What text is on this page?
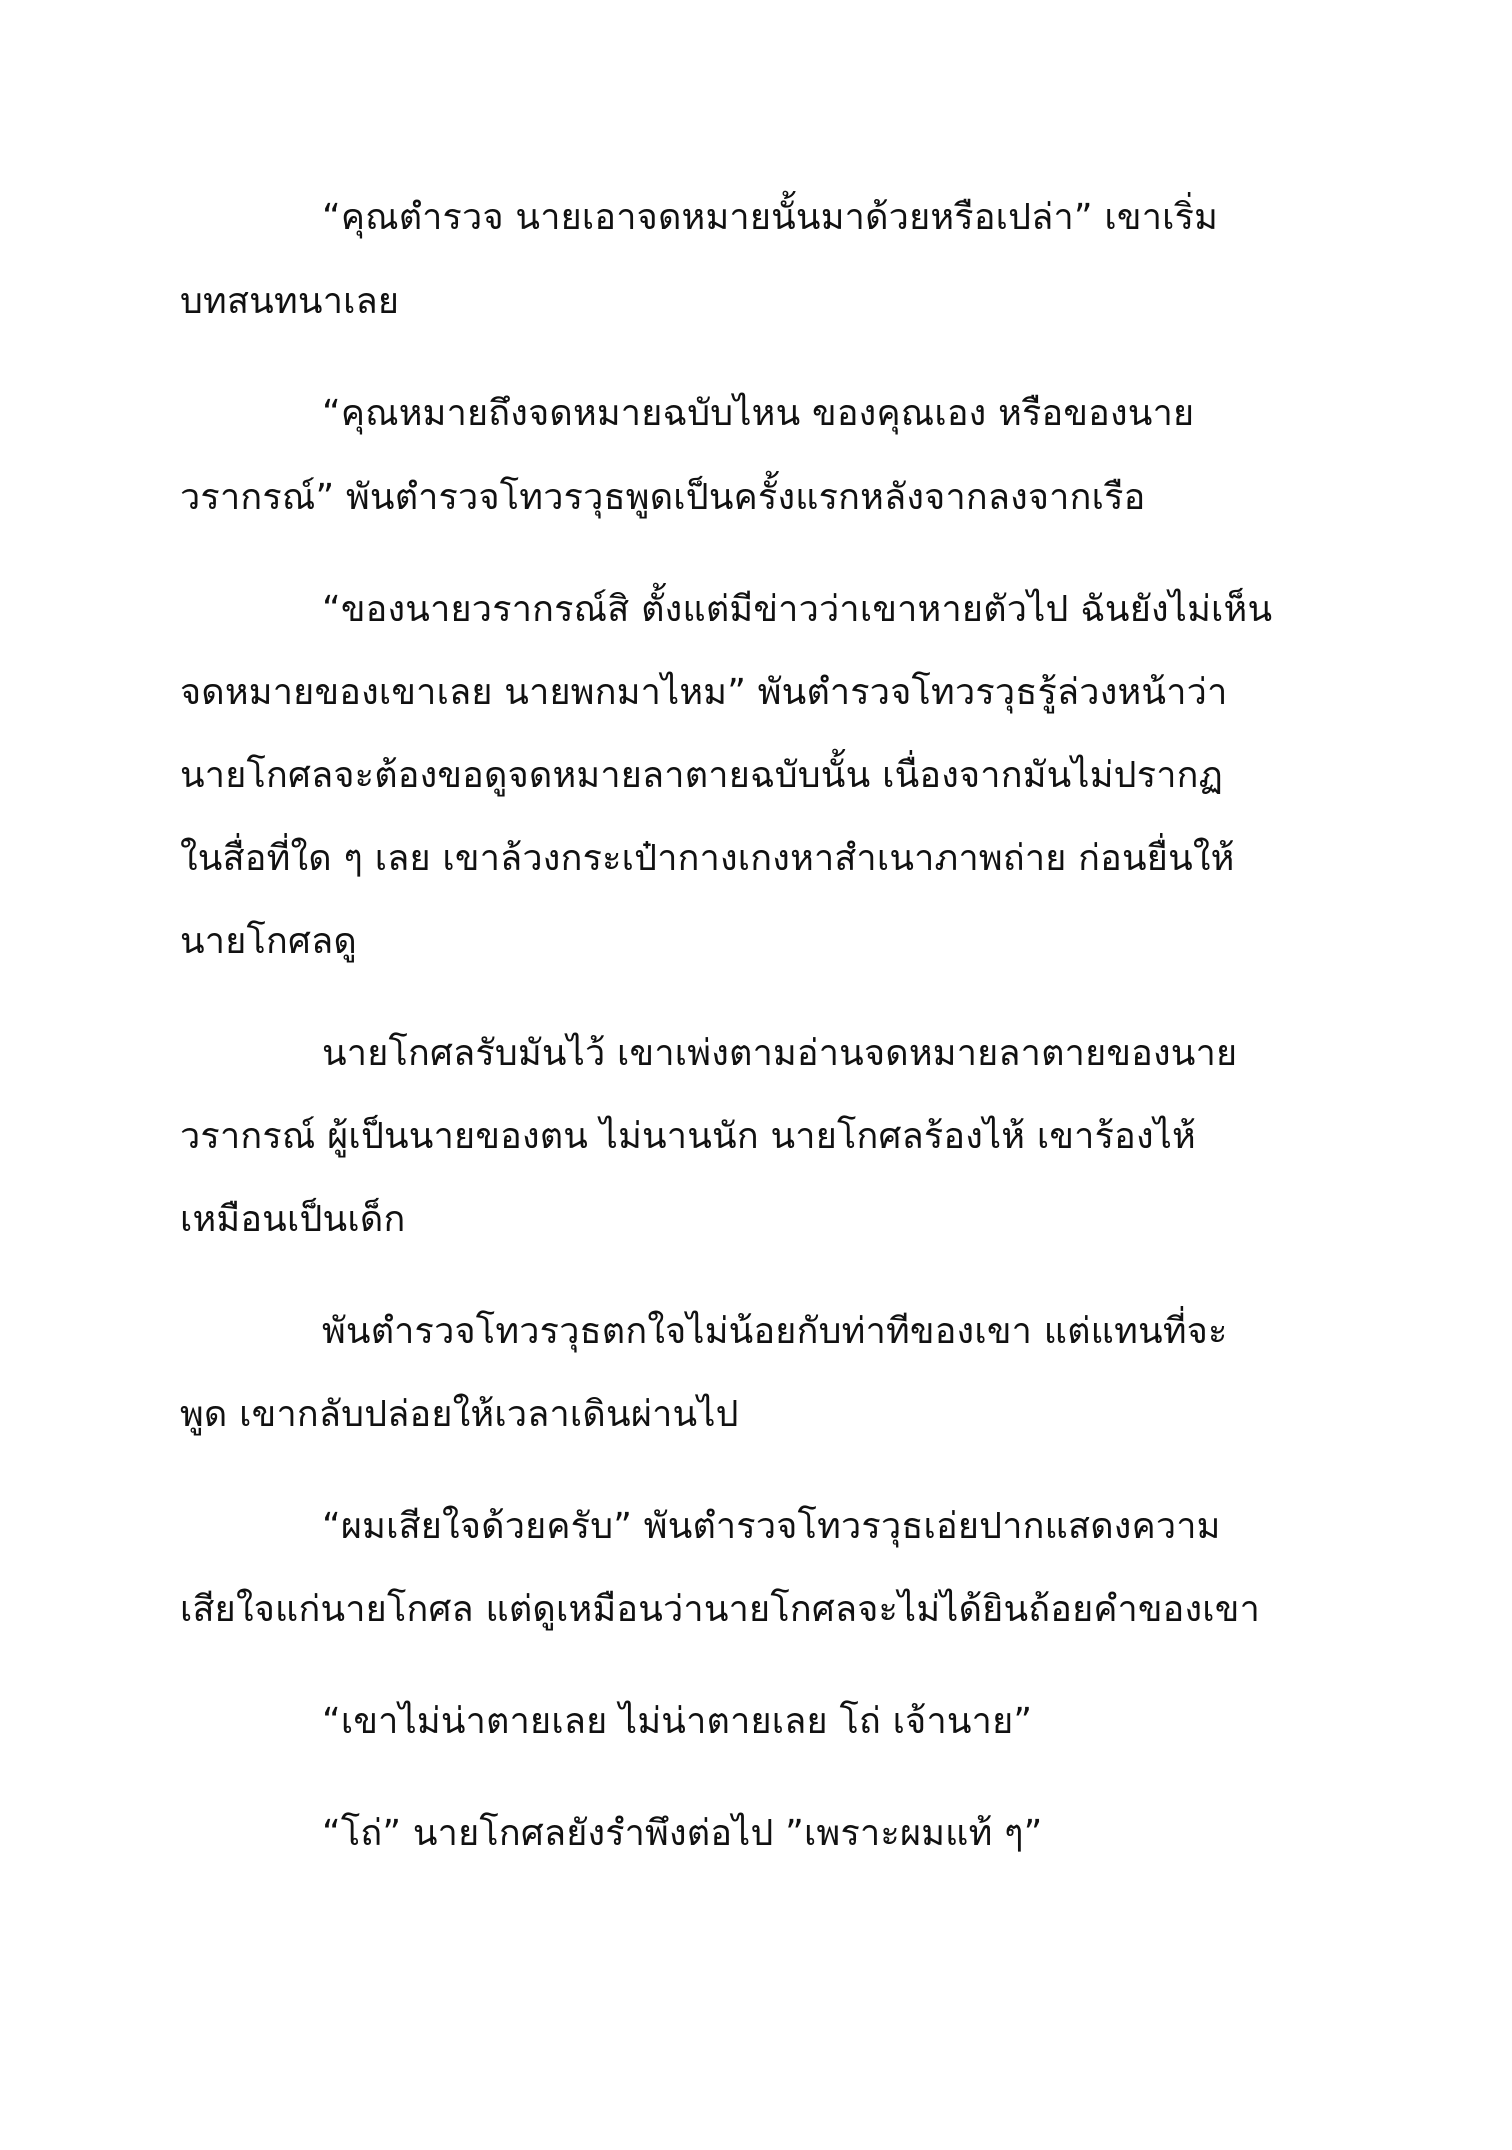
“คุณตำรวจ นายเอาจดหมายนั้นมาด้วยหรือเปล่า” เขาเริ่ม
บทสนทนาเลย
“คุณหมายถึงจดหมายฉบับไหน ของคุณเอง หรือของนาย
วรากรณ์” พันตำรวจโทวรวุธพูดเป็นครั้งแรกหลังจากลงจากเรือ
“ของนายวรากรณ์สิ ตั้งแต่มีข่าวว่าเขาหายตัวไป ฉันยังไม่เห็น
จดหมายของเขาเลย นายพกมาไหม” พันตำรวจโทวรวุธรู้ล่วงหน้าว่า
นายโกศลจะต้องขอดูจดหมายลาตายฉบับนั้น เนื่องจากมันไม่ปรากฏ
ในสื่อที่ใด ๆ เลย เขาล้วงกระเป๋ากางเกงหาสำเนาภาพถ่าย ก่อนยื่นให้
นายโกศลดู
นายโกศลรับมันไว้ เขาเพ่งตามอ่านจดหมายลาตายของนาย
วรากรณ์ ผู้เป็นนายของตน ไม่นานนัก นายโกศลร้องไห้ เขาร้องไห้
เหมือนเป็นเด็ก
พันตำรวจโทวรวุธตกใจไม่น้อยกับท่าทีของเขา แต่แทนที่จะ
พูด เขากลับปล่อยให้เวลาเดินผ่านไป
“ผมเสียใจด้วยครับ” พันตำรวจโทวรวุธเอ่ยปากแสดงความ
เสียใจแก่นายโกศล แต่ดูเหมือนว่านายโกศลจะไม่ได้ยินถ้อยคำของเขา
“เขาไม่น่าตายเลย ไม่น่าตายเลย โถ่ เจ้านาย”
“โถ่” นายโกศลยังรำพึงต่อไป ”เพราะผมแท้ ๆ”
